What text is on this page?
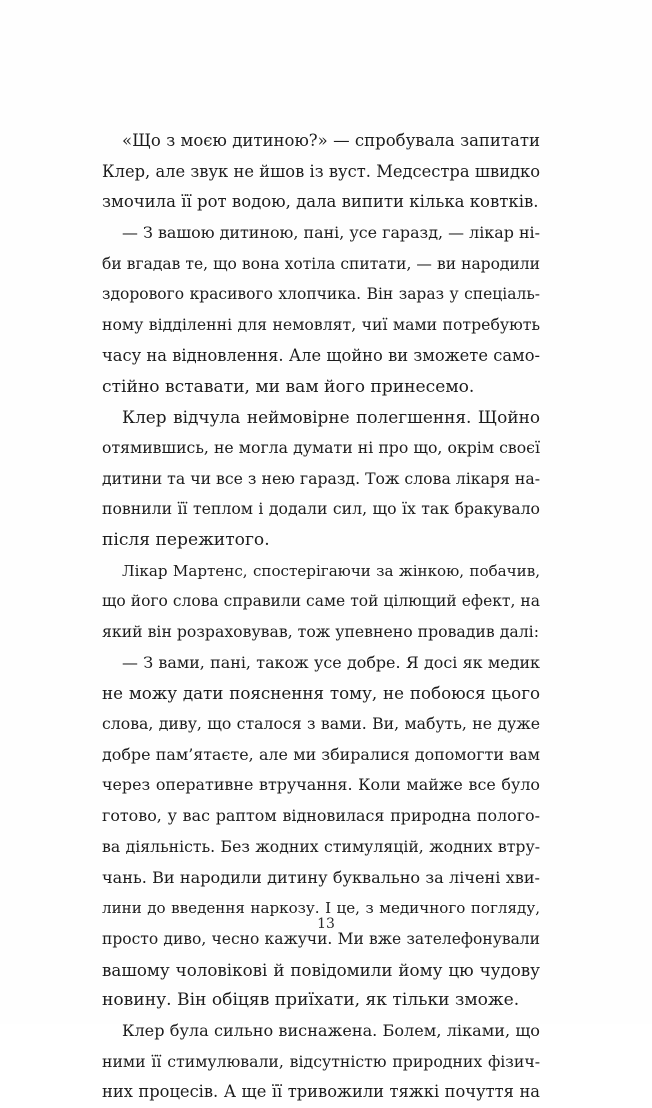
«Що з моєю дитиною?» — спробувала запитати
Клер, але звук не йшов із вуст. Медсестра швидко
змочила її рот водою, дала випити кілька ковтків.
— З вашою дитиною, пані, усе гаразд, — лікар ні-
би вгадав те, що вона хотіла спитати, — ви народили
здорового красивого хлопчика. Він зараз у спеціаль-
ному відділенні для немовлят, чиї мами потребують
часу на відновлення. Але щойно ви зможете само-
стійно вставати, ми вам його принесемо.
Клер відчула неймовірне полегшення. Щойно
отямившись, не могла думати ні про що, окрім своєї
дитини та чи все з нею гаразд. Тож слова лікаря на-
повнили її теплом і додали сил, що їх так бракувало
після пережитого.
Лікар Мартенс, спостерігаючи за жінкою, побачив,
що його слова справили саме той цілющий ефект, на
який він розраховував, тож упевнено провадив далі:
— З вами, пані, також усе добре. Я досі як медик
не можу дати пояснення тому, не побоюся цього
слова, диву, що сталося з вами. Ви, мабуть, не дуже
добре пам’ятаєте, але ми збиралися допомогти вам
через оперативне втручання. Коли майже все було
готово, у вас раптом відновилася природна полого-
ва діяльність. Без жодних стимуляцій, жодних втру-
чань. Ви народили дитину буквально за лічені хви-
лини до введення наркозу. І це, з медичного погляду,
просто диво, чесно кажучи. Ми вже зателефонували
вашому чоловікові й повідомили йому цю чудову
новину. Він обіцяв приїхати, як тільки зможе.
Клер була сильно виснажена. Болем, ліками, що
ними її стимулювали, відсутністю природних фізич-
них процесів. А ще її тривожили тяжкі почуття на
13
